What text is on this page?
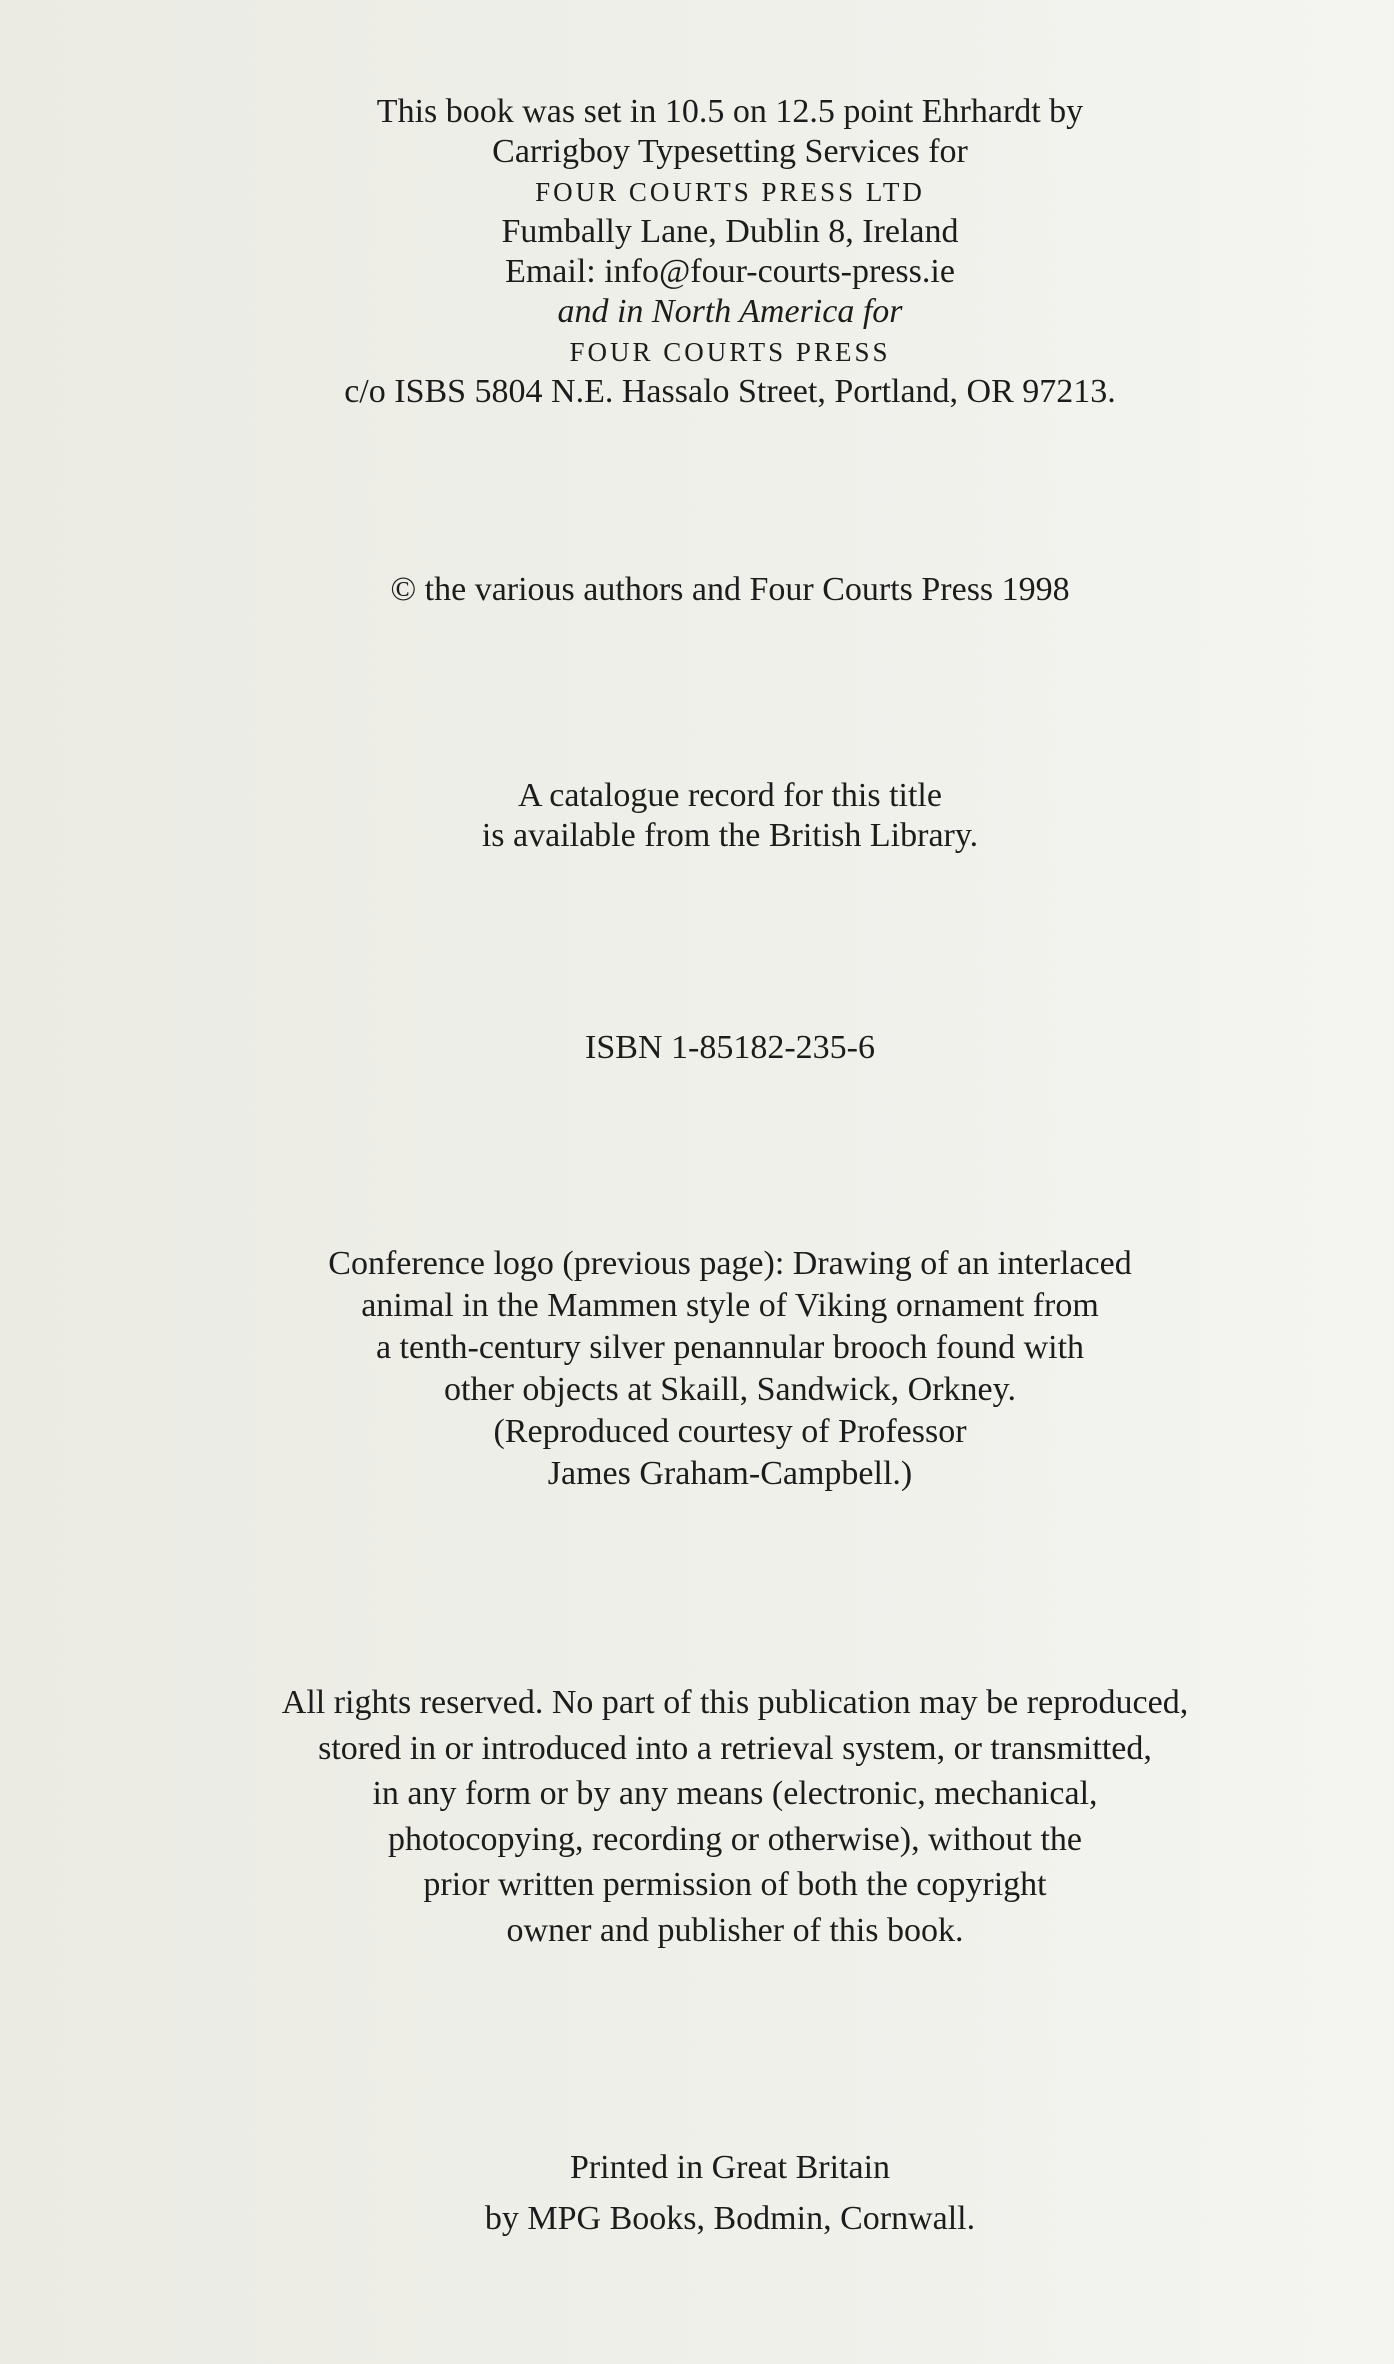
This book was set in 10.5 on 12.5 point Ehrhardt by
Carrigboy Typesetting Services for
FOUR COURTS PRESS LTD
Fumbally Lane, Dublin 8, Ireland
Email: info@four-courts-press.ie
and in North America for
FOUR COURTS PRESS
c/o ISBS 5804 N.E. Hassalo Street, Portland, OR 97213.
© the various authors and Four Courts Press 1998
A catalogue record for this title
is available from the British Library.
ISBN 1-85182-235-6
Conference logo (previous page): Drawing of an interlaced
animal in the Mammen style of Viking ornament from
a tenth-century silver penannular brooch found with
other objects at Skaill, Sandwick, Orkney.
(Reproduced courtesy of Professor
James Graham-Campbell.)
All rights reserved. No part of this publication may be reproduced,
stored in or introduced into a retrieval system, or transmitted,
in any form or by any means (electronic, mechanical,
photocopying, recording or otherwise), without the
prior written permission of both the copyright
owner and publisher of this book.
Printed in Great Britain
by MPG Books, Bodmin, Cornwall.
